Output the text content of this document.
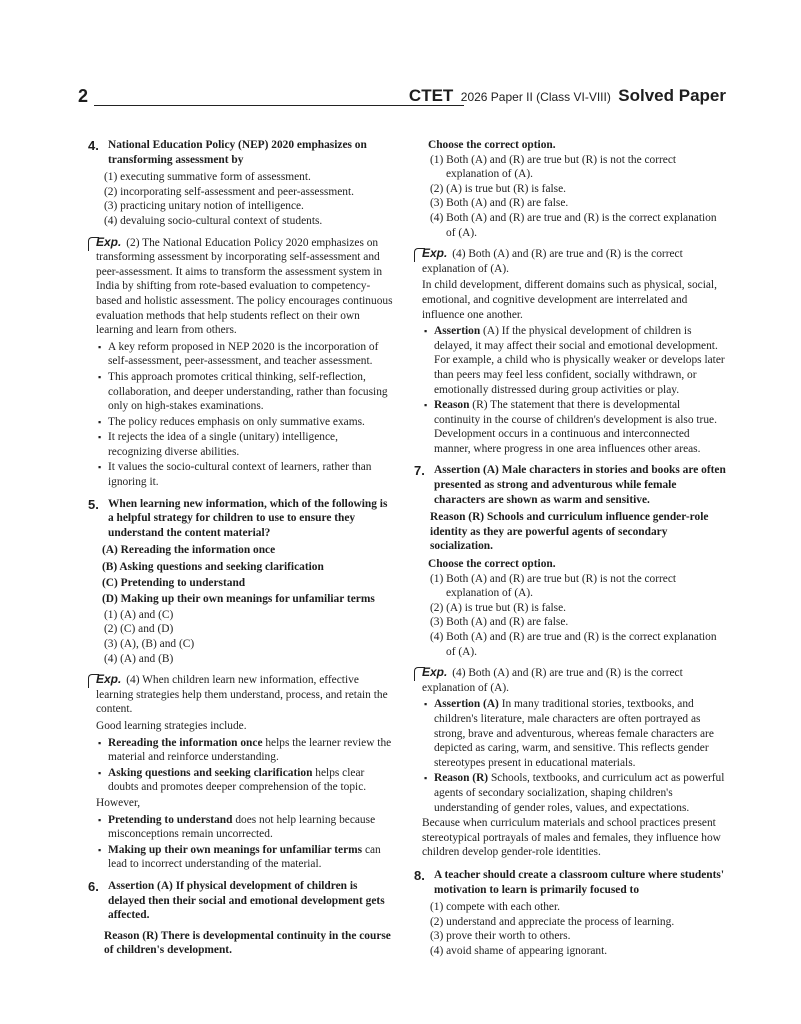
2	CTET 2026 Paper II (Class VI-VIII) Solved Paper
4. National Education Policy (NEP) 2020 emphasizes on transforming assessment by
(1) executing summative form of assessment.
(2) incorporating self-assessment and peer-assessment.
(3) practicing unitary notion of intelligence.
(4) devaluing socio-cultural context of students.

Exp. (2) The National Education Policy 2020 emphasizes on transforming assessment by incorporating self-assessment and peer-assessment. It aims to transform the assessment system in India by shifting from rote-based evaluation to competency-based and holistic assessment. The policy encourages continuous evaluation methods that help students reflect on their own learning and learn from others.

▪ A key reform proposed in NEP 2020 is the incorporation of self-assessment, peer-assessment, and teacher assessment.
▪ This approach promotes critical thinking, self-reflection, collaboration, and deeper understanding, rather than focusing only on high-stakes examinations.
▪ The policy reduces emphasis on only summative exams.
▪ It rejects the idea of a single (unitary) intelligence, recognizing diverse abilities.
▪ It values the socio-cultural context of learners, rather than ignoring it.
5. When learning new information, which of the following is a helpful strategy for children to use to ensure they understand the content material?
(A) Rereading the information once
(B) Asking questions and seeking clarification
(C) Pretending to understand
(D) Making up their own meanings for unfamiliar terms
(1) (A) and (C)
(2) (C) and (D)
(3) (A), (B) and (C)
(4) (A) and (B)

Exp. (4) When children learn new information, effective learning strategies help them understand, process, and retain the content.

Good learning strategies include.

▪ Rereading the information once helps the learner review the material and reinforce understanding.
▪ Asking questions and seeking clarification helps clear doubts and promotes deeper comprehension of the topic.

However,

▪ Pretending to understand does not help learning because misconceptions remain uncorrected.
▪ Making up their own meanings for unfamiliar terms can lead to incorrect understanding of the material.
6. Assertion (A) If physical development of children is delayed then their social and emotional development gets affected.
Reason (R) There is developmental continuity in the course of children's development.
Choose the correct option.
(1) Both (A) and (R) are true but (R) is not the correct explanation of (A).
(2) (A) is true but (R) is false.
(3) Both (A) and (R) are false.
(4) Both (A) and (R) are true and (R) is the correct explanation of (A).

Exp. (4) Both (A) and (R) are true and (R) is the correct explanation of (A).

In child development, different domains such as physical, social, emotional, and cognitive development are interrelated and influence one another.

▪ Assertion (A) If the physical development of children is delayed, it may affect their social and emotional development. For example, a child who is physically weaker or develops later than peers may feel less confident, socially withdrawn, or emotionally distressed during group activities or play.
▪ Reason (R) The statement that there is developmental continuity in the course of children's development is also true. Development occurs in a continuous and interconnected manner, where progress in one area influences other areas.
7. Assertion (A) Male characters in stories and books are often presented as strong and adventurous while female characters are shown as warm and sensitive.
Reason (R) Schools and curriculum influence gender-role identity as they are powerful agents of secondary socialization.
Choose the correct option.
(1) Both (A) and (R) are true but (R) is not the correct explanation of (A).
(2) (A) is true but (R) is false.
(3) Both (A) and (R) are false.
(4) Both (A) and (R) are true and (R) is the correct explanation of (A).

Exp. (4) Both (A) and (R) are true and (R) is the correct explanation of (A).

▪ Assertion (A) In many traditional stories, textbooks, and children's literature, male characters are often portrayed as strong, brave and adventurous, whereas female characters are depicted as caring, warm, and sensitive. This reflects gender stereotypes present in educational materials.
▪ Reason (R) Schools, textbooks, and curriculum act as powerful agents of secondary socialization, shaping children's understanding of gender roles, values, and expectations.

Because when curriculum materials and school practices present stereotypical portrayals of males and females, they influence how children develop gender-role identities.

8. A teacher should create a classroom culture where students' motivation to learn is primarily focused to
(1) compete with each other.
(2) understand and appreciate the process of learning.
(3) prove their worth to others.
(4) avoid shame of appearing ignorant.
